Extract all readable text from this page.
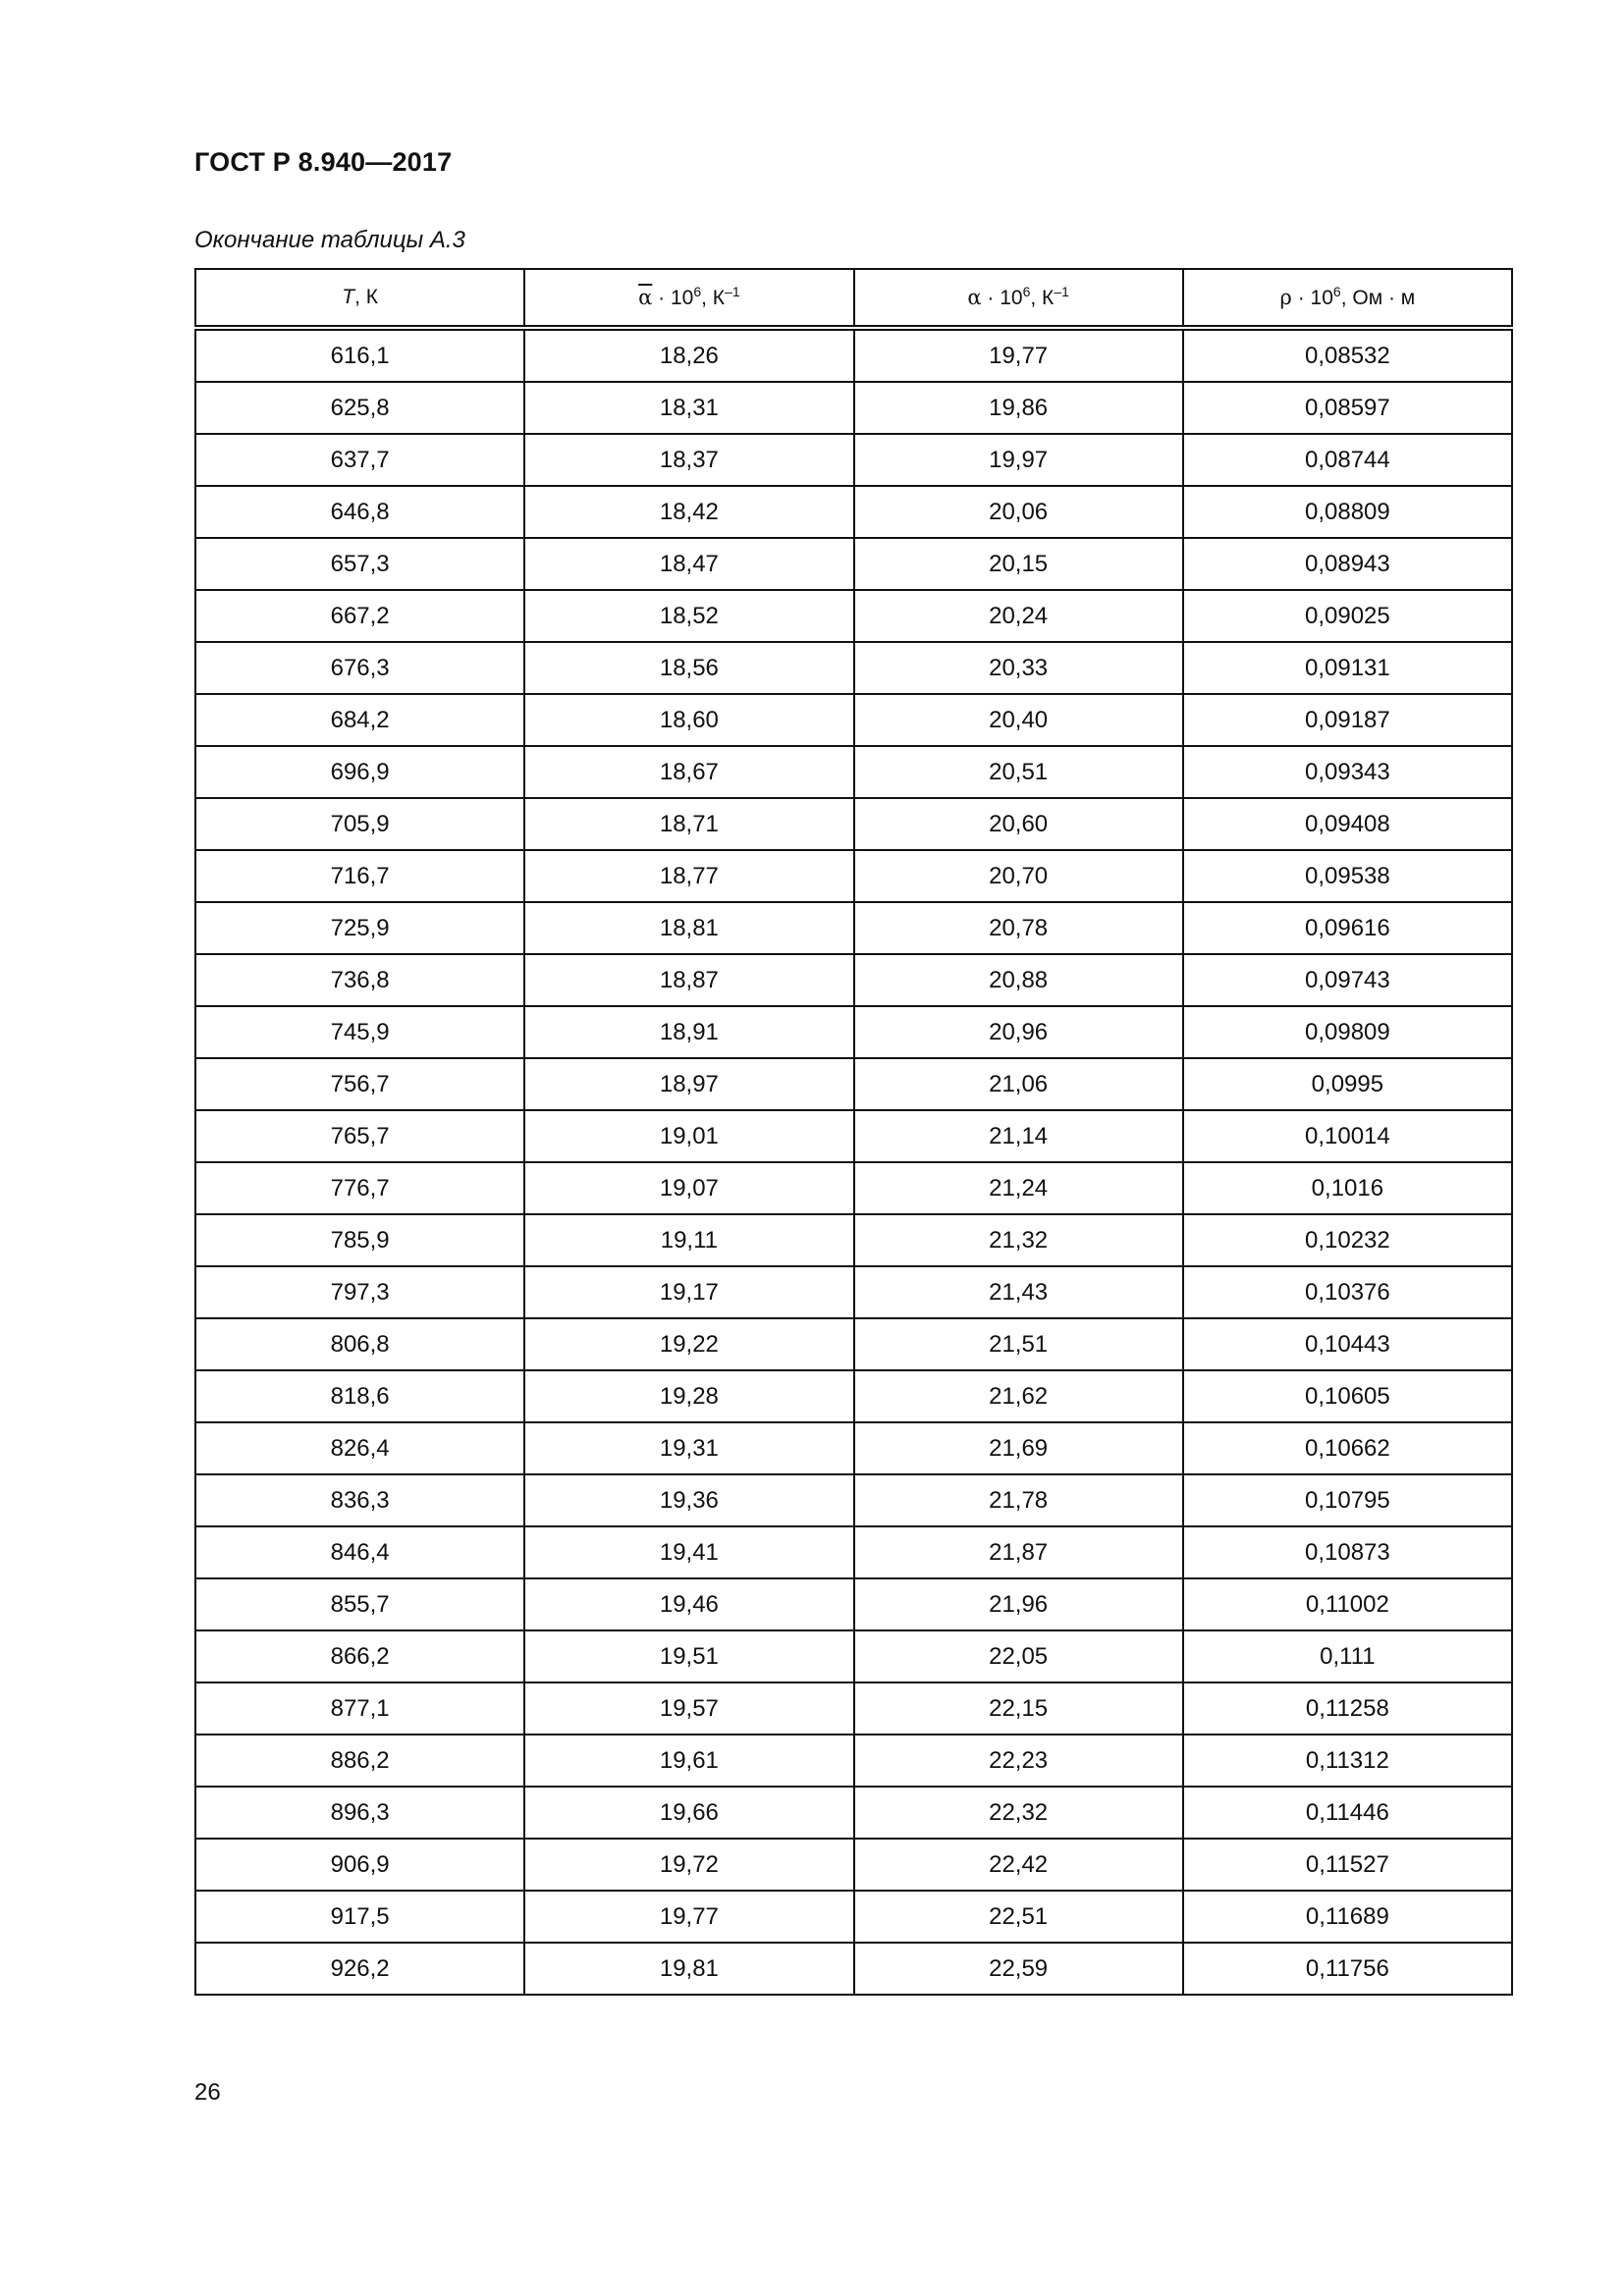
ГОСТ Р 8.940—2017
Окончание таблицы А.3
T, К	$\overline{\alpha} \cdot 10^6$, $К^{-1}$	$\alpha \cdot 10^6$, $К^{-1}$	$\rho \cdot 10^6$, Ом · м
616,1	18,26	19,77	0,08532
625,8	18,31	19,86	0,08597
637,7	18,37	19,97	0,08744
646,8	18,42	20,06	0,08809
657,3	18,47	20,15	0,08943
667,2	18,52	20,24	0,09025
676,3	18,56	20,33	0,09131
684,2	18,60	20,40	0,09187
696,9	18,67	20,51	0,09343
705,9	18,71	20,60	0,09408
716,7	18,77	20,70	0,09538
725,9	18,81	20,78	0,09616
736,8	18,87	20,88	0,09743
745,9	18,91	20,96	0,09809
756,7	18,97	21,06	0,0995
765,7	19,01	21,14	0,10014
776,7	19,07	21,24	0,1016
785,9	19,11	21,32	0,10232
797,3	19,17	21,43	0,10376
806,8	19,22	21,51	0,10443
818,6	19,28	21,62	0,10605
826,4	19,31	21,69	0,10662
836,3	19,36	21,78	0,10795
846,4	19,41	21,87	0,10873
855,7	19,46	21,96	0,11002
866,2	19,51	22,05	0,111
877,1	19,57	22,15	0,11258
886,2	19,61	22,23	0,11312
896,3	19,66	22,32	0,11446
906,9	19,72	22,42	0,11527
917,5	19,77	22,51	0,11689
926,2	19,81	22,59	0,11756
26
